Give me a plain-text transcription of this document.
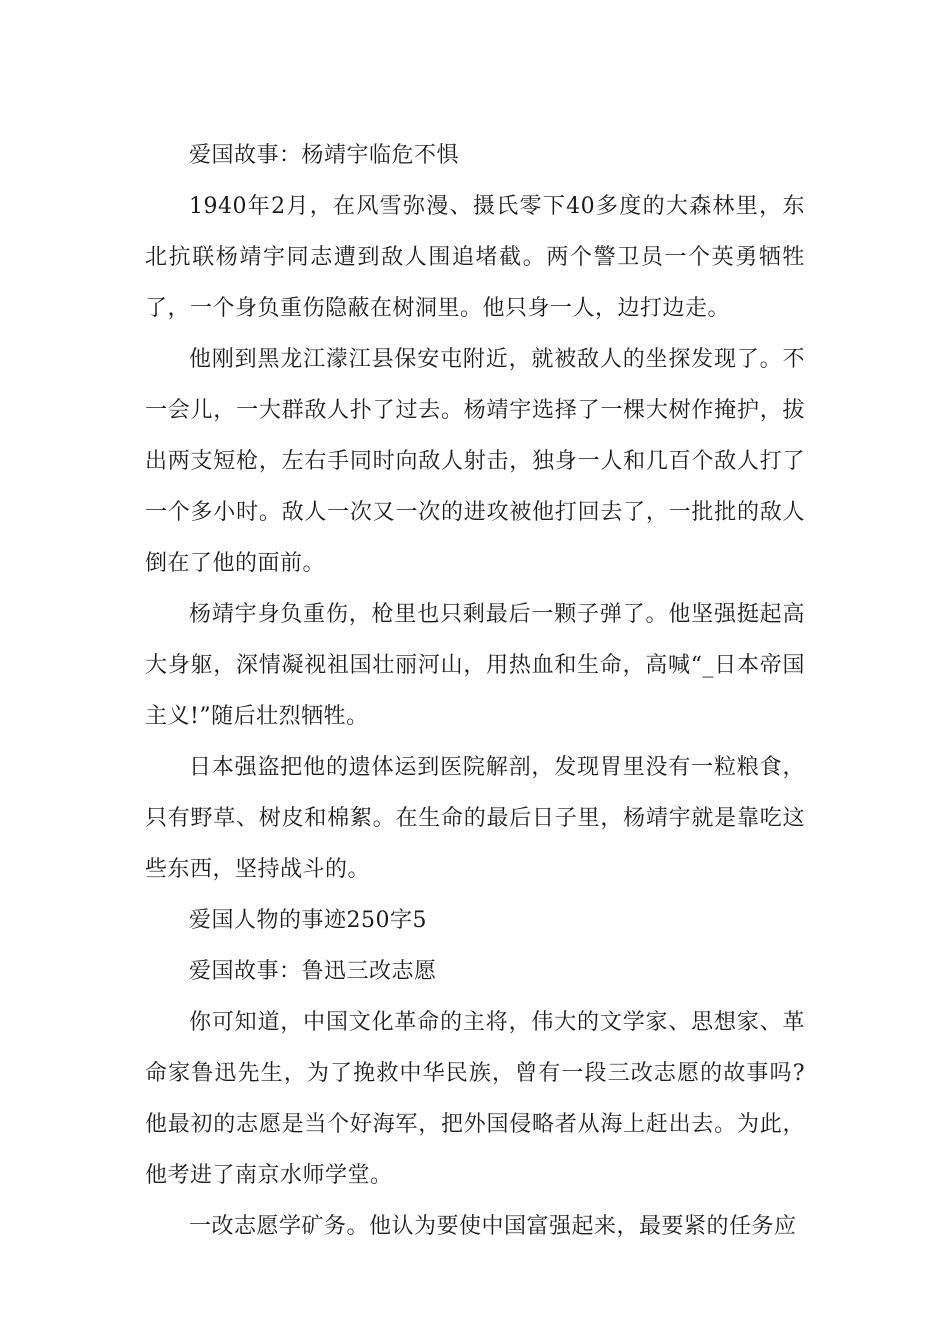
爱国故事：杨靖宇临危不惧

1940年2月，在风雪弥漫、摄氏零下40多度的大森林里，东北抗联杨靖宇同志遭到敌人围追堵截。两个警卫员一个英勇牺牲了，一个身负重伤隐蔽在树洞里。他只身一人，边打边走。

他刚到黑龙江濛江县保安屯附近，就被敌人的坐探发现了。不一会儿，一大群敌人扑了过去。杨靖宇选择了一棵大树作掩护，拔出两支短枪，左右手同时向敌人射击，独身一人和几百个敌人打了一个多小时。敌人一次又一次的进攻被他打回去了，一批批的敌人倒在了他的面前。

杨靖宇身负重伤，枪里也只剩最后一颗子弹了。他坚强挺起高大身躯，深情凝视祖国壮丽河山，用热血和生命，高喊“_日本帝国主义!”随后壮烈牺牲。

日本强盗把他的遗体运到医院解剖，发现胃里没有一粒粮食，只有野草、树皮和棉絮。在生命的最后日子里，杨靖宇就是靠吃这些东西，坚持战斗的。

爱国人物的事迹250字5

爱国故事：鲁迅三改志愿

你可知道，中国文化革命的主将，伟大的文学家、思想家、革命家鲁迅先生，为了挽救中华民族，曾有一段三改志愿的故事吗?他最初的志愿是当个好海军，把外国侵略者从海上赶出去。为此，他考进了南京水师学堂。

一改志愿学矿务。他认为要使中国富强起来，最要紧的任务应
